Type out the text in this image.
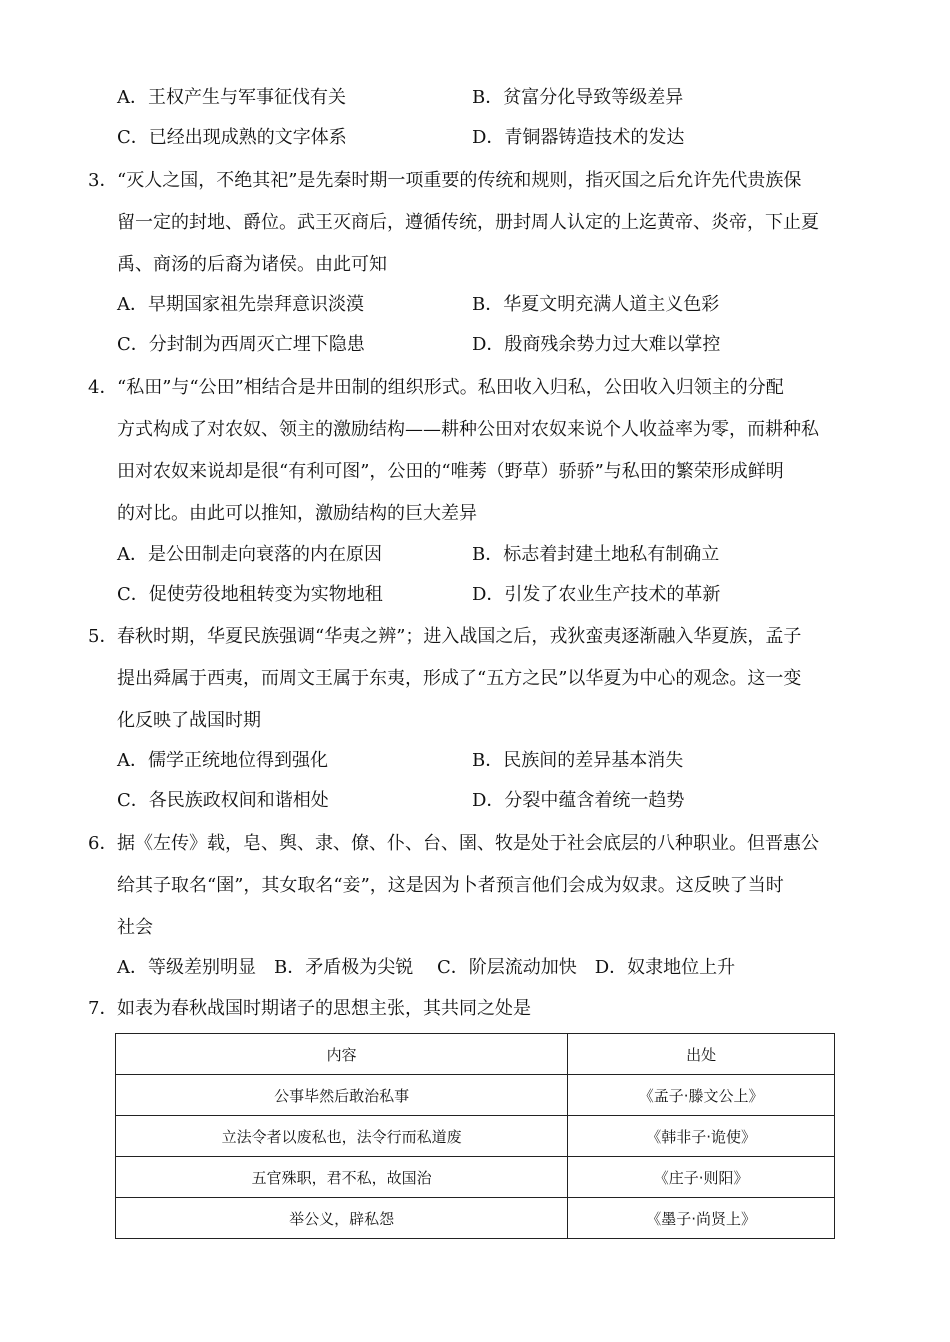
A．王权产生与军事征伐有关	B．贫富分化导致等级差异
C．已经出现成熟的文字体系	D．青铜器铸造技术的发达
3． “灭人之国，不绝其祀”是先秦时期一项重要的传统和规则，指灭国之后允许先代贵族保
留一定的封地、爵位。武王灭商后，遵循传统，册封周人认定的上迄黄帝、炎帝，下止夏
禹、商汤的后裔为诸侯。由此可知
A．早期国家祖先崇拜意识淡漠	B．华夏文明充满人道主义色彩
C．分封制为西周灭亡埋下隐患	D．殷商残余势力过大难以掌控
4． “私田”与“公田”相结合是井田制的组织形式。私田收入归私，公田收入归领主的分配
方式构成了对农奴、领主的激励结构——耕种公田对农奴来说个人收益率为零，而耕种私
田对农奴来说却是很“有利可图”，公田的“唯莠（野草）骄骄”与私田的繁荣形成鲜明
的对比。由此可以推知，激励结构的巨大差异
A．是公田制走向衰落的内在原因	B．标志着封建土地私有制确立
C．促使劳役地租转变为实物地租	D．引发了农业生产技术的革新
5． 春秋时期，华夏民族强调“华夷之辨”；进入战国之后，戎狄蛮夷逐渐融入华夏族，孟子
提出舜属于西夷，而周文王属于东夷，形成了“五方之民”以华夏为中心的观念。这一变
化反映了战国时期
A．儒学正统地位得到强化	B．民族间的差异基本消失
C．各民族政权间和谐相处	D．分裂中蕴含着统一趋势
6． 据《左传》载，皂、舆、隶、僚、仆、台、圉、牧是处于社会底层的八种职业。但晋惠公
给其子取名“圉”，其女取名“妾”，这是因为卜者预言他们会成为奴隶。这反映了当时
社会
A．等级差别明显　B．矛盾极为尖锐　 C．阶层流动加快　D．奴隶地位上升
7． 如表为春秋战国时期诸子的思想主张，其共同之处是
内容	出处
公事毕然后敢治私事	《孟子·滕文公上》
立法令者以废私也，法令行而私道废	《韩非子·诡使》
五官殊职，君不私，故国治	《庄子·则阳》
举公义，辟私怨	《墨子·尚贤上》
